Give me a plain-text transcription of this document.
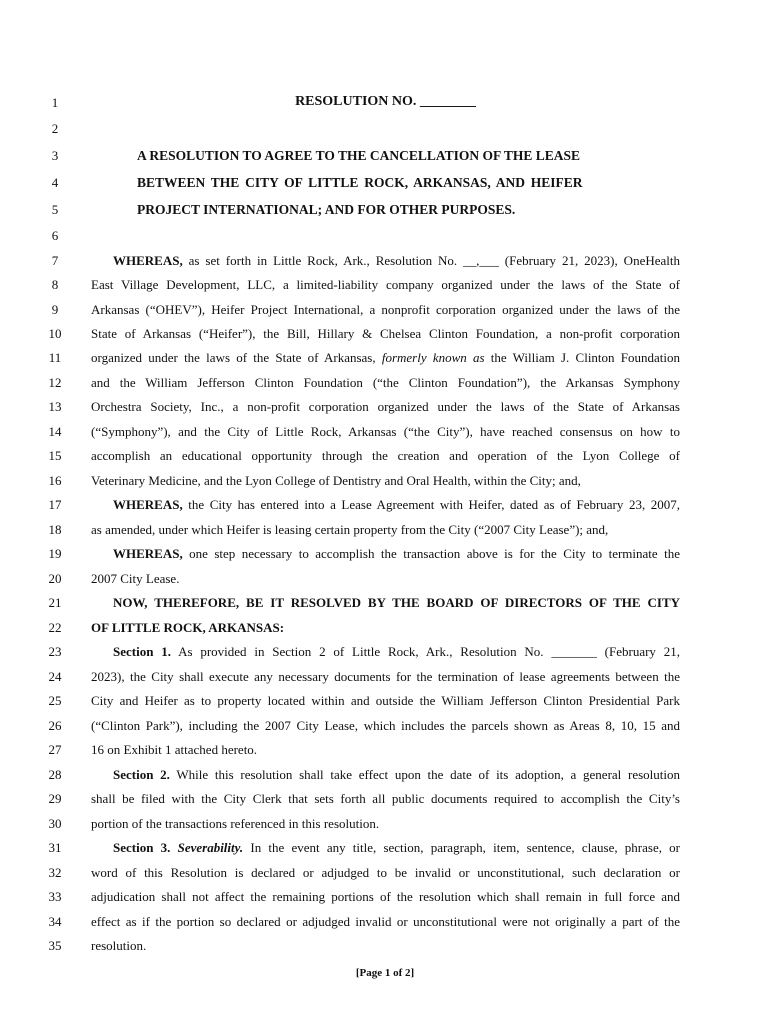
1
2
3
4
5
6
7
8
9
10
11
12
13
14
15
16
17
18
19
20
21
22
23
24
25
26
27
28
29
30
31
32
33
34
35
RESOLUTION NO. ________
A RESOLUTION TO AGREE TO THE CANCELLATION OF THE LEASE
BETWEEN THE CITY OF LITTLE ROCK, ARKANSAS, AND HEIFER
PROJECT INTERNATIONAL; AND FOR OTHER PURPOSES.
WHEREAS, as set forth in Little Rock, Ark., Resolution No. __,___ (February 21, 2023), OneHealth
East Village Development, LLC, a limited-liability company organized under the laws of the State of
Arkansas (“OHEV”), Heifer Project International, a nonprofit corporation organized under the laws of the
State of Arkansas (“Heifer”), the Bill, Hillary & Chelsea Clinton Foundation, a non-profit corporation
organized under the laws of the State of Arkansas, formerly known as the William J. Clinton Foundation
and the William Jefferson Clinton Foundation (“the Clinton Foundation”), the Arkansas Symphony
Orchestra Society, Inc., a non-profit corporation organized under the laws of the State of Arkansas
(“Symphony”), and the City of Little Rock, Arkansas (“the City”), have reached consensus on how to
accomplish an educational opportunity through the creation and operation of the Lyon College of
Veterinary Medicine, and the Lyon College of Dentistry and Oral Health, within the City; and,
WHEREAS, the City has entered into a Lease Agreement with Heifer, dated as of February 23, 2007,
as amended, under which Heifer is leasing certain property from the City (“2007 City Lease”); and,
WHEREAS, one step necessary to accomplish the transaction above is for the City to terminate the
2007 City Lease.
NOW, THEREFORE, BE IT RESOLVED BY THE BOARD OF DIRECTORS OF THE CITY
OF LITTLE ROCK, ARKANSAS:
Section 1. As provided in Section 2 of Little Rock, Ark., Resolution No. _______ (February 21,
2023), the City shall execute any necessary documents for the termination of lease agreements between the
City and Heifer as to property located within and outside the William Jefferson Clinton Presidential Park
(“Clinton Park”), including the 2007 City Lease, which includes the parcels shown as Areas 8, 10, 15 and
16 on Exhibit 1 attached hereto.
Section 2. While this resolution shall take effect upon the date of its adoption, a general resolution
shall be filed with the City Clerk that sets forth all public documents required to accomplish the City’s
portion of the transactions referenced in this resolution.
Section 3. Severability. In the event any title, section, paragraph, item, sentence, clause, phrase, or
word of this Resolution is declared or adjudged to be invalid or unconstitutional, such declaration or
adjudication shall not affect the remaining portions of the resolution which shall remain in full force and
effect as if the portion so declared or adjudged invalid or unconstitutional were not originally a part of the
resolution.
[Page 1 of 2]
